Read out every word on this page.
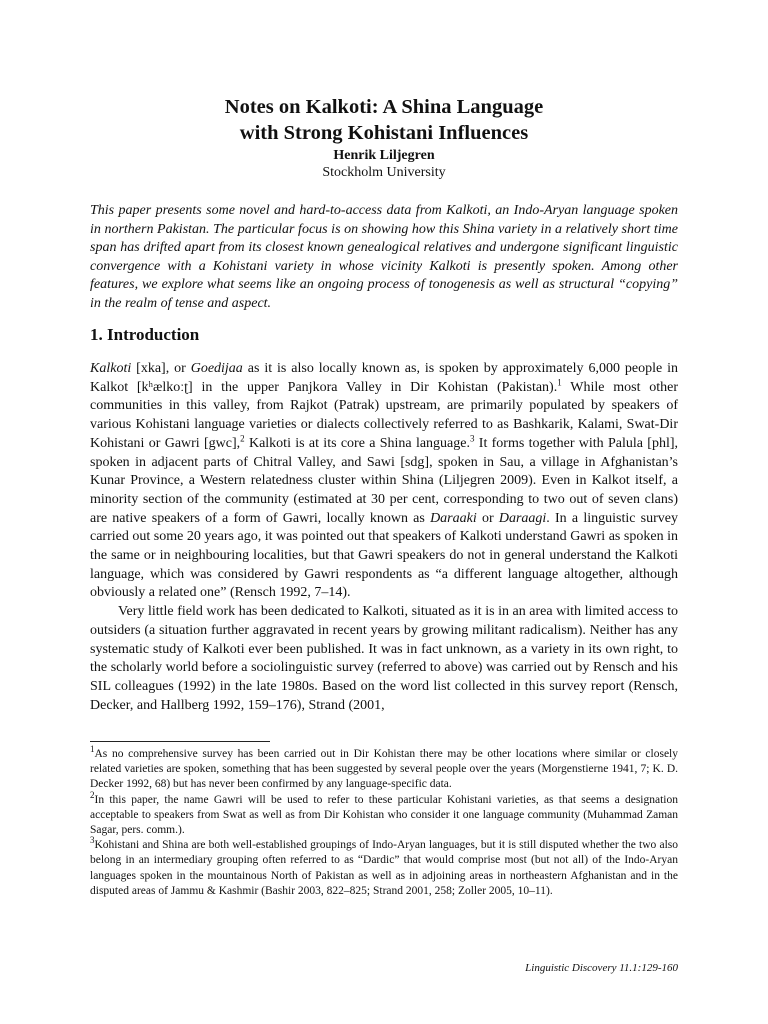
Notes on Kalkoti: A Shina Language
with Strong Kohistani Influences
Henrik Liljegren
Stockholm University
This paper presents some novel and hard-to-access data from Kalkoti, an Indo-Aryan language spoken in northern Pakistan. The particular focus is on showing how this Shina variety in a relatively short time span has drifted apart from its closest known genealogical relatives and undergone significant linguistic convergence with a Kohistani variety in whose vicinity Kalkoti is presently spoken. Among other features, we explore what seems like an ongoing process of tonogenesis as well as structural “copying” in the realm of tense and aspect.
1. Introduction

Kalkoti [xka], or Goedijaa as it is also locally known as, is spoken by approximately 6,000 people in Kalkot [kʰælkoːʈ] in the upper Panjkora Valley in Dir Kohistan (Pakistan).$^1$ While most other communities in this valley, from Rajkot (Patrak) upstream, are primarily populated by speakers of various Kohistani language varieties or dialects collectively referred to as Bashkarik, Kalami, Swat-Dir Kohistani or Gawri [gwc],$^2$ Kalkoti is at its core a Shina language.$^3$ It forms together with Palula [phl], spoken in adjacent parts of Chitral Valley, and Sawi [sdg], spoken in Sau, a village in Afghanistan’s Kunar Province, a Western relatedness cluster within Shina (Liljegren 2009). Even in Kalkot itself, a minority section of the community (estimated at 30 per cent, corresponding to two out of seven clans) are native speakers of a form of Gawri, locally known as Daraaki or Daraagi. In a linguistic survey carried out some 20 years ago, it was pointed out that speakers of Kalkoti understand Gawri as spoken in the same or in neighbouring localities, but that Gawri speakers do not in general understand the Kalkoti language, which was considered by Gawri respondents as “a different language altogether, although obviously a related one” (Rensch 1992, 7–14).

Very little field work has been dedicated to Kalkoti, situated as it is in an area with limited access to outsiders (a situation further aggravated in recent years by growing militant radicalism). Neither has any systematic study of Kalkoti ever been published. It was in fact unknown, as a variety in its own right, to the scholarly world before a sociolinguistic survey (referred to above) was carried out by Rensch and his SIL colleagues (1992) in the late 1980s. Based on the word list collected in this survey report (Rensch, Decker, and Hallberg 1992, 159–176), Strand (2001,

$^1$As no comprehensive survey has been carried out in Dir Kohistan there may be other locations where similar or closely related varieties are spoken, something that has been suggested by several people over the years (Morgenstierne 1941, 7; K. D. Decker 1992, 68) but has never been confirmed by any language-specific data.

$^2$In this paper, the name Gawri will be used to refer to these particular Kohistani varieties, as that seems a designation acceptable to speakers from Swat as well as from Dir Kohistan who consider it one language community (Muhammad Zaman Sagar, pers. comm.).

$^3$Kohistani and Shina are both well-established groupings of Indo-Aryan languages, but it is still disputed whether the two also belong in an intermediary grouping often referred to as “Dardic” that would comprise most (but not all) of the Indo-Aryan languages spoken in the mountainous North of Pakistan as well as in adjoining areas in northeastern Afghanistan and in the disputed areas of Jammu & Kashmir (Bashir 2003, 822–825; Strand 2001, 258; Zoller 2005, 10–11).

Linguistic Discovery 11.1:129-160
